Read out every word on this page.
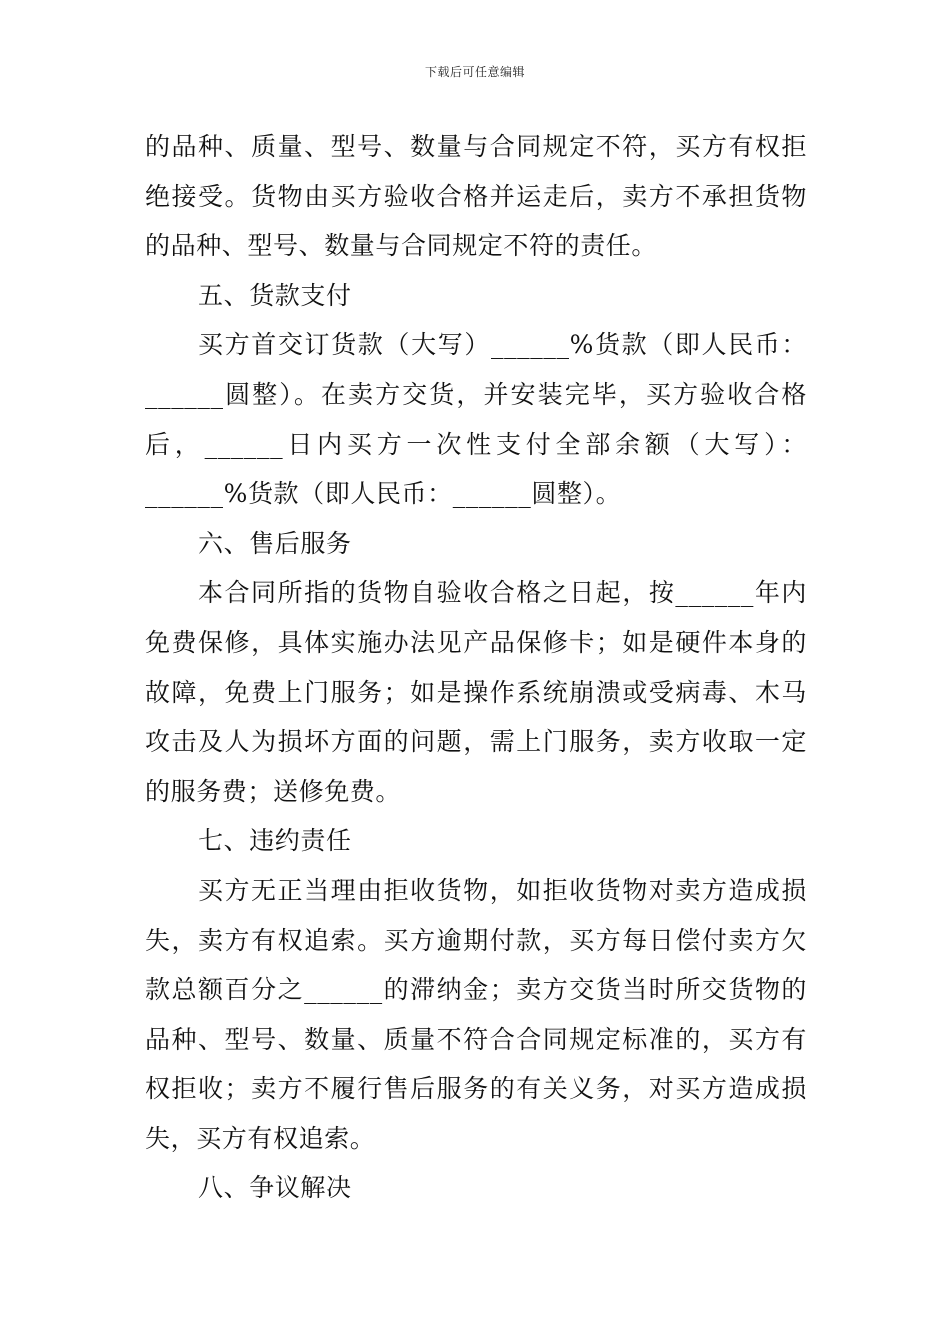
下载后可任意编辑

的品种、质量、型号、数量与合同规定不符，买方有权拒绝接受。货物由买方验收合格并运走后，卖方不承担货物的品种、型号、数量与合同规定不符的责任。

五、货款支付

买方首交订货款（大写）______%货款（即人民币：______圆整）。在卖方交货，并安装完毕，买方验收合格后，______日内买方一次性支付全部余额（大写）：______%货款（即人民币：______圆整）。

六、售后服务

本合同所指的货物自验收合格之日起，按______年内免费保修，具体实施办法见产品保修卡；如是硬件本身的故障，免费上门服务；如是操作系统崩溃或受病毒、木马攻击及人为损坏方面的问题，需上门服务，卖方收取一定的服务费；送修免费。

七、违约责任

买方无正当理由拒收货物，如拒收货物对卖方造成损失，卖方有权追索。买方逾期付款，买方每日偿付卖方欠款总额百分之______的滞纳金；卖方交货当时所交货物的品种、型号、数量、质量不符合合同规定标准的，买方有权拒收；卖方不履行售后服务的有关义务，对买方造成损失，买方有权追索。

八、争议解决
